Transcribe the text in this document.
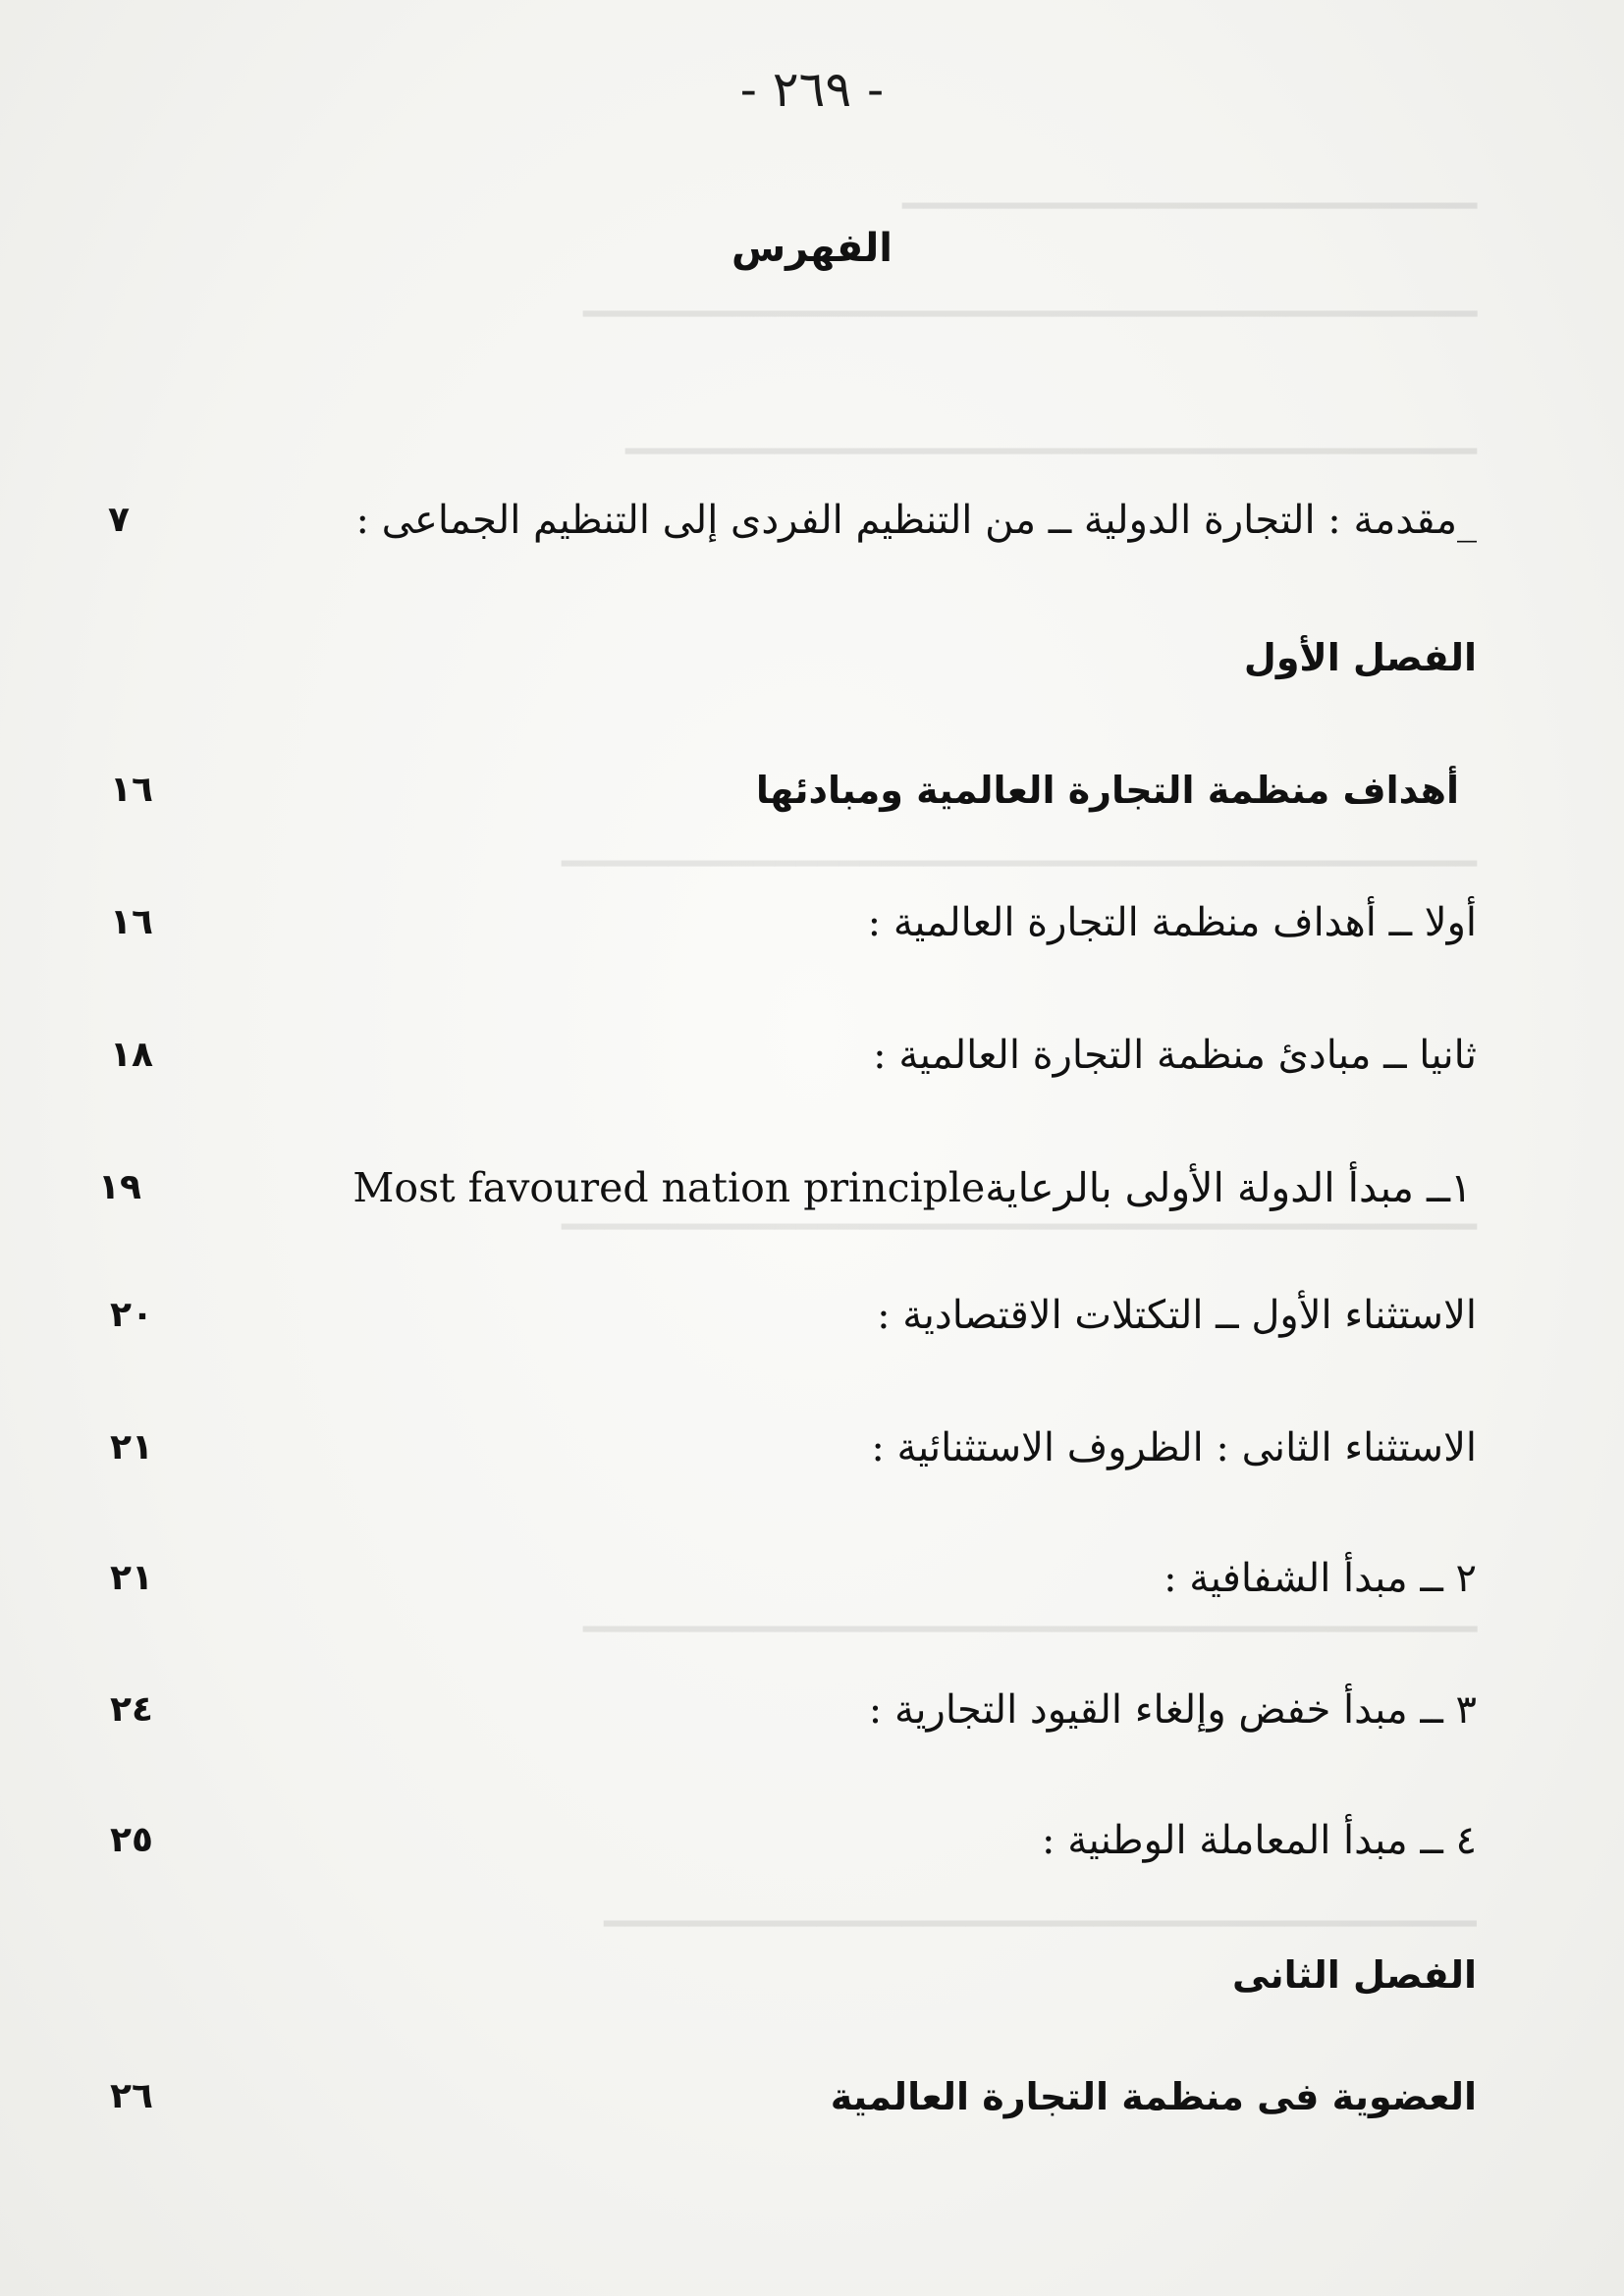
━━━━━━━━━━━━━━━━━━━━━━━━━━━
━━━━━━━━━━━━━━━━━━━━━━━━━━━━━━━━━━━━━━━━━━
━━━━━━━━━━━━━━━━━━━━━━━━━━━━━━━━━━━━━━━━
━━━━━━━━━━━━━━━━━━━━━━━━━━━━━━━━━━━━━━━━━━━
━━━━━━━━━━━━━━━━━━━━━━━━━━━━━━━━━━━━━━━━━━━
━━━━━━━━━━━━━━━━━━━━━━━━━━━━━━━━━━━━━━━━━━
━━━━━━━━━━━━━━━━━━━━━━━━━━━━━━━━━━━━━━━━━
- ٢٦٩ -
الفهرس
_مقدمة : التجارة الدولية ــ من التنظيم الفردى إلى التنظيم الجماعى :
٧
الفصل الأول
أهداف منظمة التجارة العالمية ومبادئها
١٦
أولا ــ أهداف منظمة التجارة العالمية :
١٦
ثانيا ــ مبادئ منظمة التجارة العالمية :
١٨
١ــ مبدأ الدولة الأولى بالرعايةMost favoured nation principle
١٩
الاستثناء الأول ــ التكتلات الاقتصادية :
٢٠
الاستثناء الثانى : الظروف الاستثنائية :
٢١
٢ ــ مبدأ الشفافية :
٢١
٣ ــ مبدأ خفض وإلغاء القيود التجارية :
٢٤
٤ ــ مبدأ المعاملة الوطنية :
٢٥
الفصل الثانى
العضوية فى منظمة التجارة العالمية
٢٦
